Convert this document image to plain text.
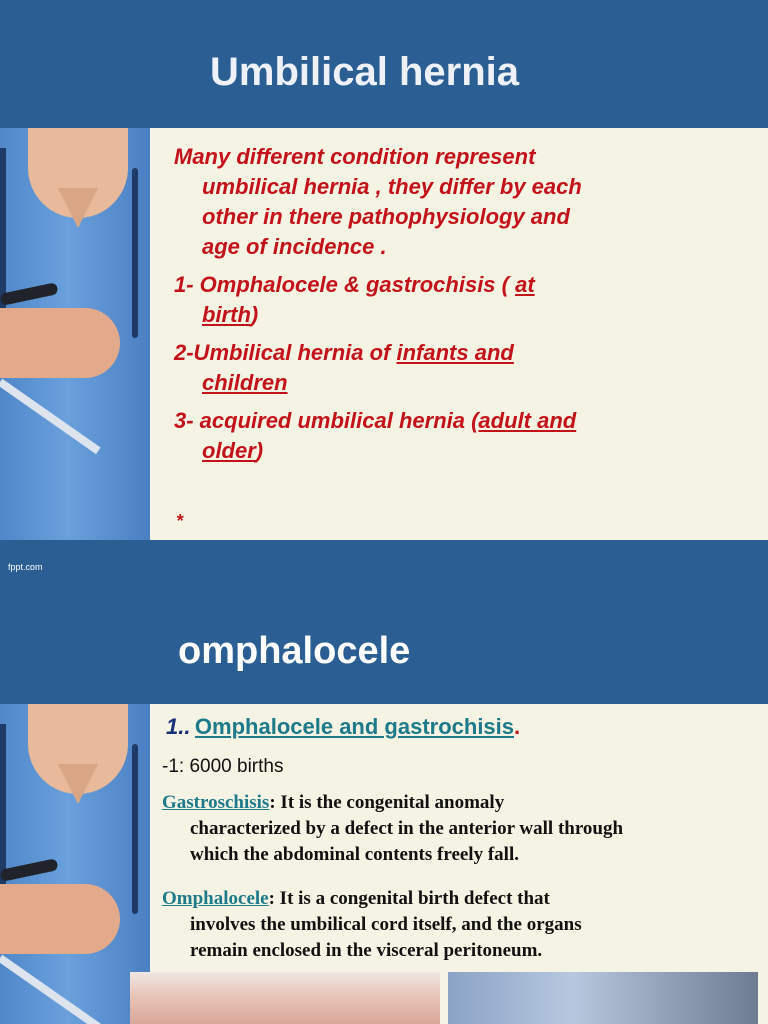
Umbilical hernia
Many different condition represent
umbilical hernia , they differ by each
other in there pathophysiology and
age of incidence .
1- Omphalocele & gastrochisis ( at
birth)
2-Umbilical hernia of infants and
children
3- acquired umbilical hernia (adult and
older)
*
fppt.com
omphalocele
1.. Omphalocele and gastrochisis.
-1: 6000 births
Gastroschisis: It is the congenital anomaly
characterized by a defect in the anterior wall through
which the abdominal contents freely fall.
Omphalocele: It is a congenital birth defect that
involves the umbilical cord itself, and the organs
remain enclosed in the visceral peritoneum.
